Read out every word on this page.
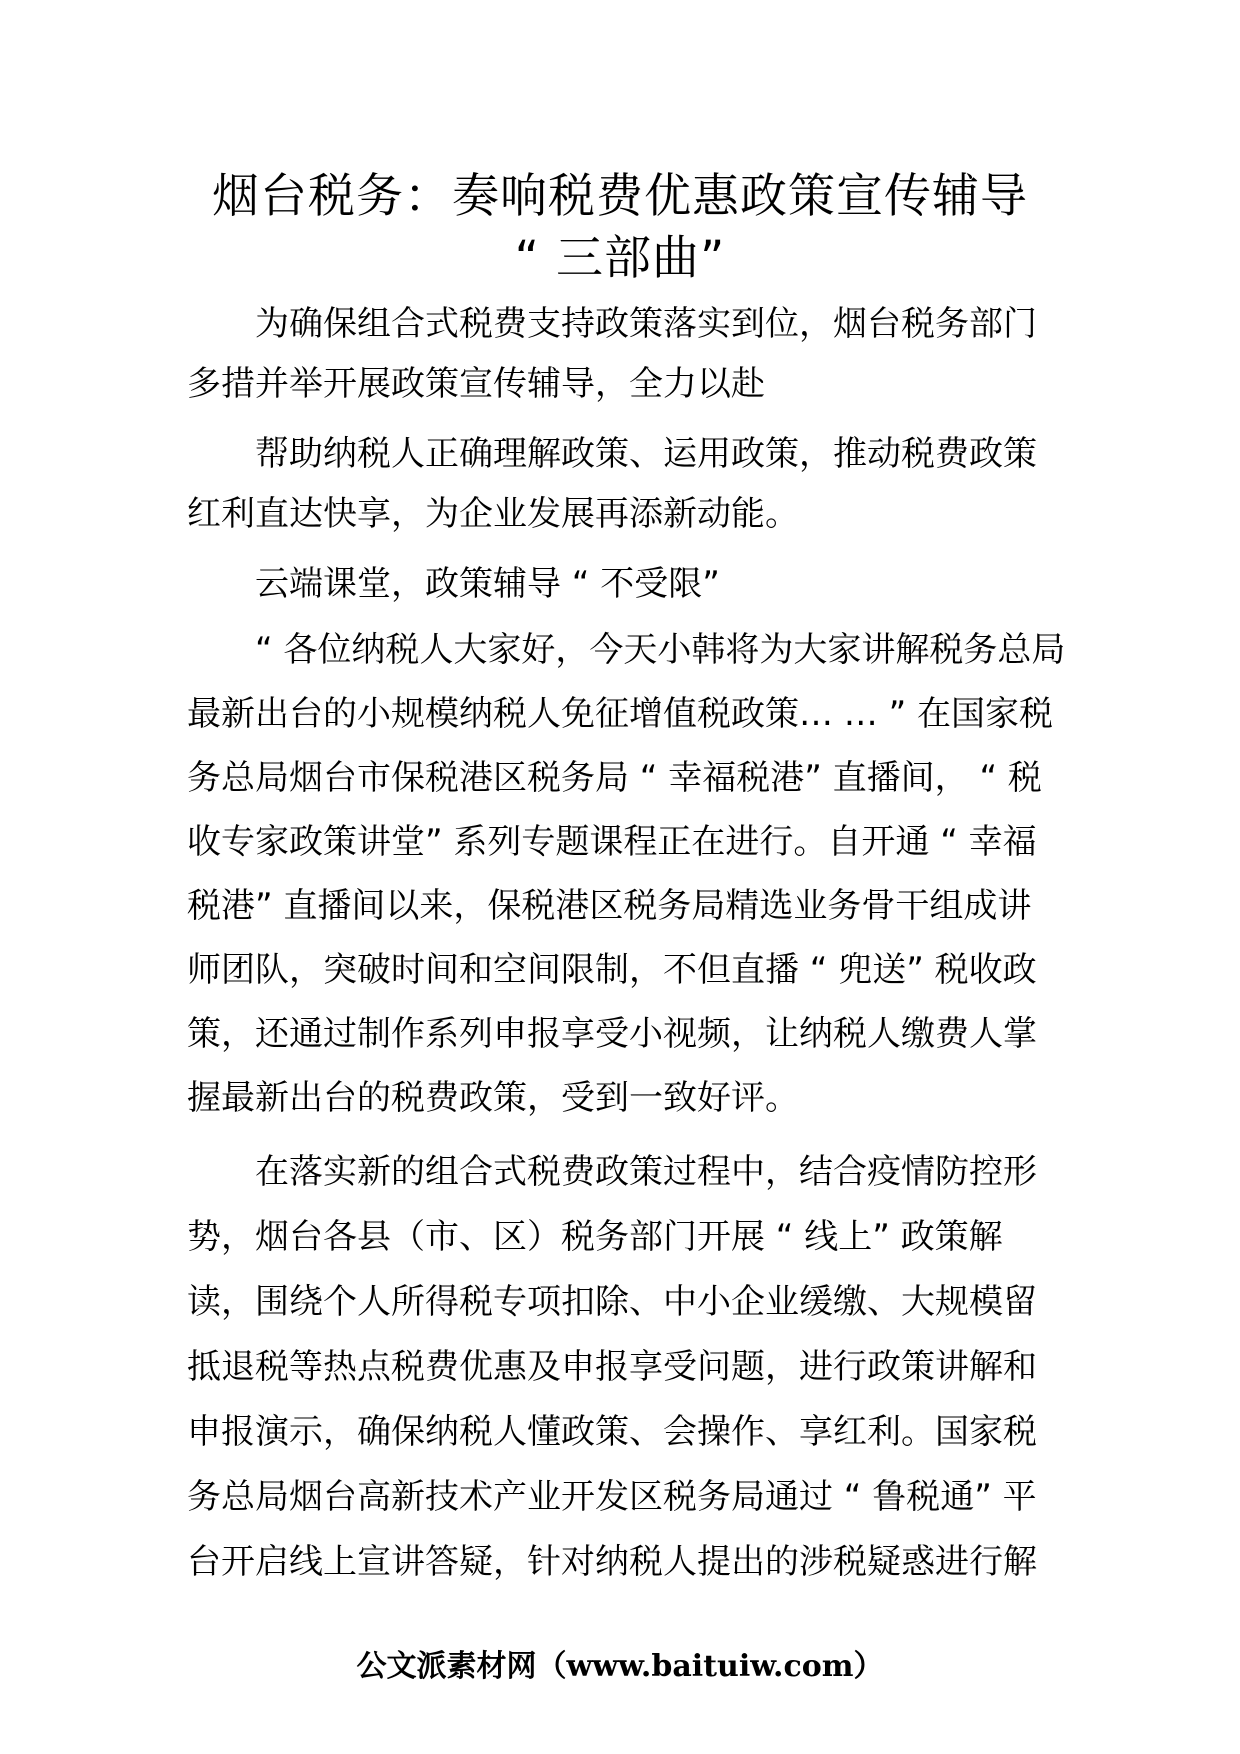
烟台税务：奏响税费优惠政策宣传辅导
“ 三部曲”

　　为确保组合式税费支持政策落实到位，烟台税务部门

多措并举开展政策宣传辅导，全力以赴

　　帮助纳税人正确理解政策、运用政策，推动税费政策

红利直达快享，为企业发展再添新动能。

　　云端课堂，政策辅导 “ 不受限”

　　“ 各位纳税人大家好，今天小韩将为大家讲解税务总局

最新出台的小规模纳税人免征增值税政策… … ” 在国家税

务总局烟台市保税港区税务局 “ 幸福税港” 直播间， “ 税

收专家政策讲堂” 系列专题课程正在进行。自开通 “ 幸福

税港” 直播间以来，保税港区税务局精选业务骨干组成讲

师团队，突破时间和空间限制，不但直播 “ 兜送” 税收政

策，还通过制作系列申报享受小视频，让纳税人缴费人掌

握最新出台的税费政策，受到一致好评。

　　在落实新的组合式税费政策过程中，结合疫情防控形

势，烟台各县（市、区）税务部门开展 “ 线上” 政策解

读，围绕个人所得税专项扣除、中小企业缓缴、大规模留

抵退税等热点税费优惠及申报享受问题，进行政策讲解和

申报演示，确保纳税人懂政策、会操作、享红利。国家税

务总局烟台高新技术产业开发区税务局通过 “ 鲁税通” 平

台开启线上宣讲答疑，针对纳税人提出的涉税疑惑进行解

公文派素材网（www.baituiw.com）
